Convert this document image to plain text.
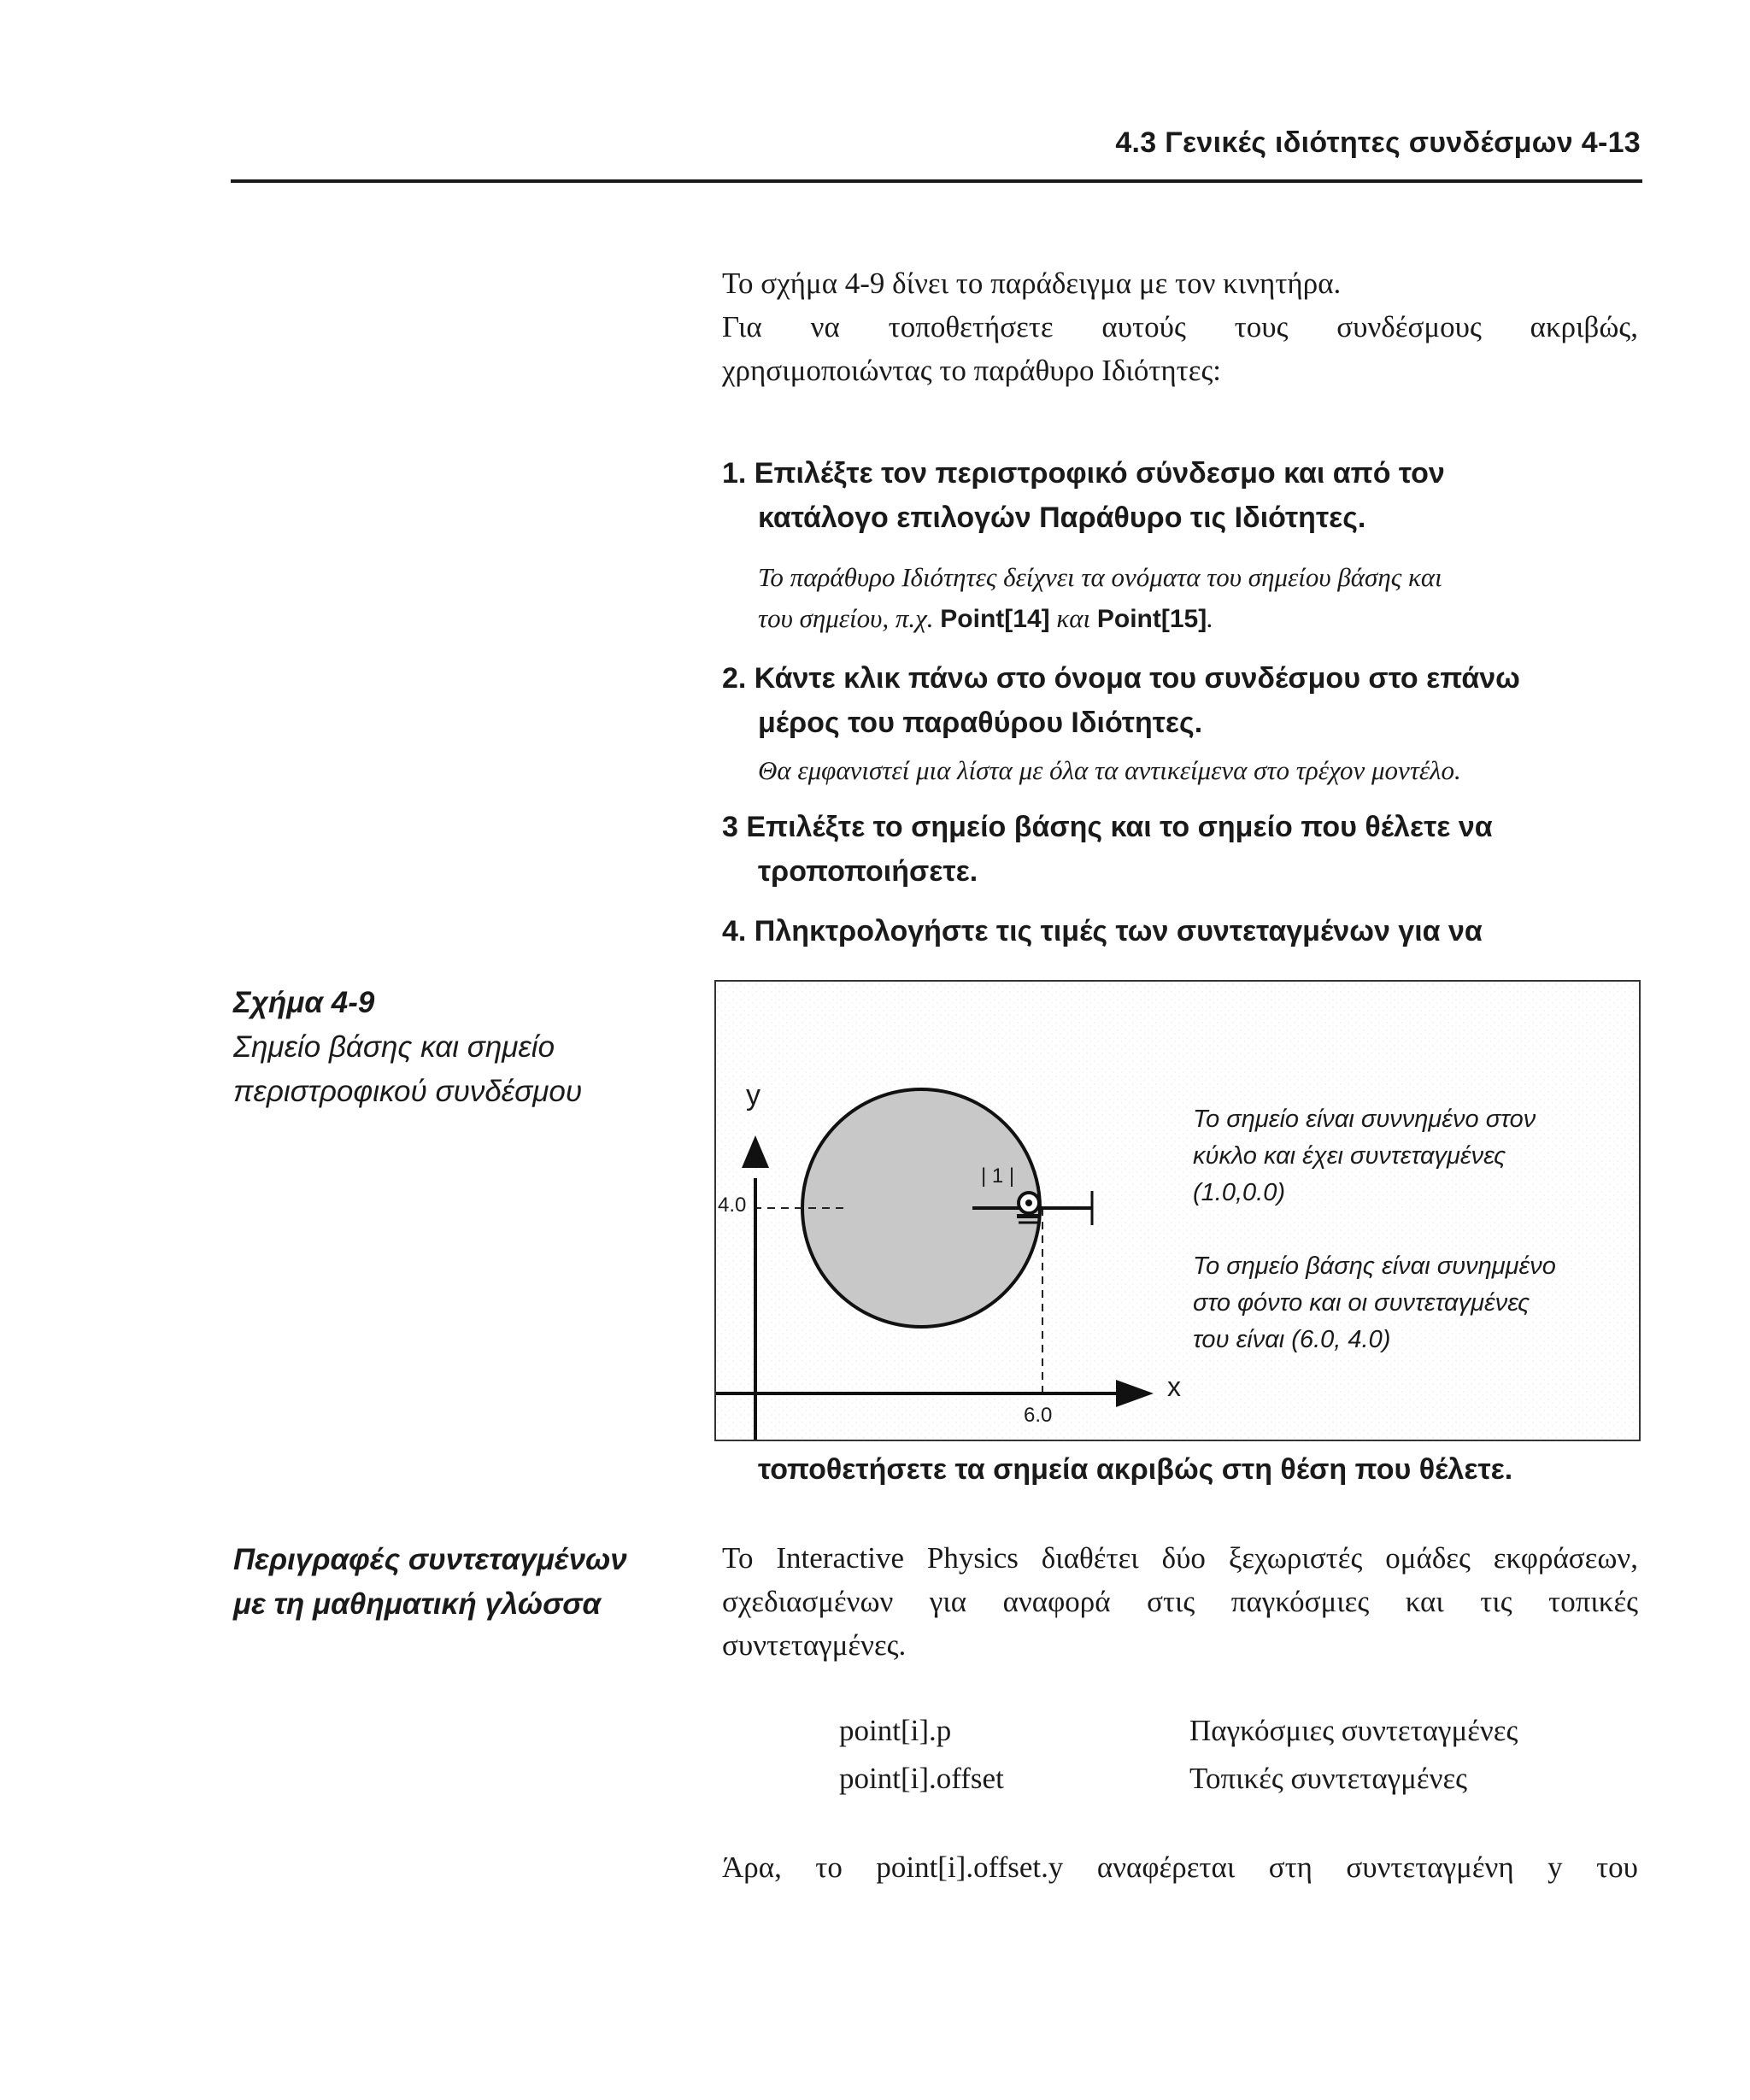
4.3 Γενικές ιδιότητες συνδέσμων 4-13
Το σχήμα 4-9 δίνει το παράδειγμα με τον κινητήρα.
Για να τοποθετήσετε αυτούς τους συνδέσμους ακριβώς,
χρησιμοποιώντας το παράθυρο Ιδιότητες:
1. Επιλέξτε τον περιστροφικό σύνδεσμο και από τον
κατάλογο επιλογών Παράθυρο τις Ιδιότητες.
Το παράθυρο Ιδιότητες δείχνει τα ονόματα του σημείου βάσης και
του σημείου, π.χ. Point[14] και Point[15].
2. Κάντε κλικ πάνω στο όνομα του συνδέσμου στο επάνω
μέρος του παραθύρου Ιδιότητες.
Θα εμφανιστεί μια λίστα με όλα τα αντικείμενα στο τρέχον μοντέλο.
3 Επιλέξτε το σημείο βάσης και το σημείο που θέλετε να
τροποποιήσετε.
4. Πληκτρολογήστε τις τιμές των συντεταγμένων για να
Σχήμα 4-9
Σημείο βάσης και σημείο
περιστροφικού συνδέσμου	y
x
4.0
6.0
| 1 |
Το σημείο είναι συννημένο στον
κύκλο και έχει συντεταγμένες
(1.0,0.0)
Το σημείο βάσης είναι συνημμένο
στο φόντο και οι συντεταγμένες
του είναι (6.0, 4.0)
τοποθετήσετε τα σημεία ακριβώς στη θέση που θέλετε.
Περιγραφές συντεταγμένων
με τη μαθηματική γλώσσα
Το Interactive Physics διαθέτει δύο ξεχωριστές ομάδες εκφράσεων,
σχεδιασμένων για αναφορά στις παγκόσμιες και τις τοπικές
συντεταγμένες.
point[i].p
point[i].offset
Παγκόσμιες συντεταγμένες
Τοπικές συντεταγμένες
Άρα, το point[i].offset.y αναφέρεται στη συντεταγμένη y του
